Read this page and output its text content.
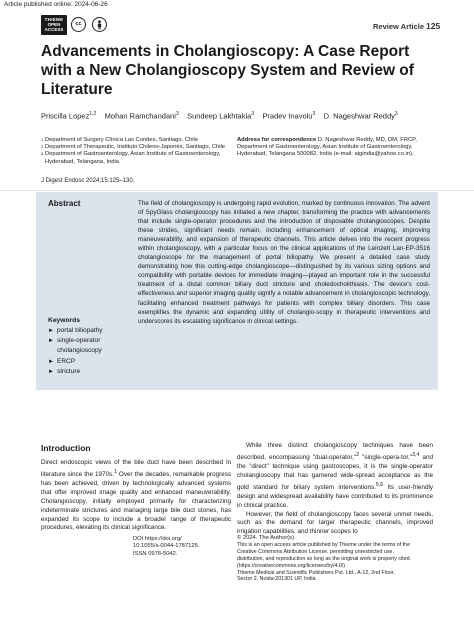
Article published online: 2024-06-26
THIEME
OPEN
ACCESS
cc	Review Article 125
Advancements in Cholangioscopy: A Case Report with a New Cholangioscopy System and Review of Literature
Priscilla Lopez$^{1,2}$ Mohan Ramchandani$^3$ Sundeep Lakhtakia$^3$ Pradev Inavolu$^3$ D. Nageshwar Reddy$^3$
1 Department of Surgery Clínica Las Condes, Santiago, Chile
2 Department of Therapeutic, Instituto Chileno-Japonés, Santiago, Chile
3 Department of Gastroenterology, Asian Institute of Gastroenterology, Hyderabad, Telangana, India
Address for correspondence D. Nageshwar Reddy, MD, DM, FRCP, Department of Gastroenterology, Asian Institute of Gastroenterology, Hyderabad, Telangana 500082, India (e-mail: aigindia@yahoo.co.in).
J Digest Endosc 2024;15:125–130.
Abstract	The field of cholangioscopy is undergoing rapid evolution, marked by continuous innovation. The advent of SpyGlass cholangioscopy has initiated a new chapter, transforming the practice with advancements that include single-operator procedures and the introduction of disposable cholangioscopes. Despite these strides, significant needs remain, including enhancement of optical imaging, improving maneuverability, and expansion of therapeutic channels. This article delves into the recent progress within cholangioscopy, with a particular focus on the clinical applications of the Leinzett Lan-EP-3516 cholangioscope for the management of portal biliopathy. We present a detailed case study demonstrating how this cutting-edge cholangioscope—distinguished by its various sizing options and compatibility with portable devices for immediate imaging—played an important role in the successful treatment of a distal common biliary duct stricture and choledocholithiasis. The device's cost-effectiveness and superior imaging quality signify a notable advancement in cholangioscopic technology, facilitating enhanced treatment pathways for patients with complex biliary disorders. This case exemplifies the dynamic and expanding utility of cholangio-scopy in therapeutic interventions and underscores its escalating significance in clinical settings.
Keywords
► portal biliopathy
► single-operator cholangioscopy
► ERCP
► stricture
Introduction

Direct endoscopic views of the bile duct have been described in literature since the 1970s.$^1$ Over the decades, remarkable progress has been achieved, driven by technologically advanced systems that offer improved image quality and enhanced maneuverability. Cholangioscopy, initially employed primarily for characterizing indeterminate strictures and managing large bile duct stones, has expanded its scope to include a broader range of therapeutic procedures, elevating its clinical significance.

While three distinct cholangioscopy techniques have been described, encompassing "dual-operator,"$^2$ "single-opera-tor,"$^{3,4}$ and the "direct" technique using gastroscopes, it is the single-operator cholangioscopy that has garnered wide-spread acceptance as the gold standard for biliary system interventions.$^{5,6}$ Its user-friendly design and widespread availability have contributed to its prominence in clinical practice.

However, the field of cholangioscopy faces several unmet needs, such as the demand for larger therapeutic channels, improved irrigation capabilities, and thinner scopes to

DOI https://doi.org/
10.1055/s-0044-1787125.
ISSN 0976-5042.
© 2024. The Author(s).
This is an open access article published by Thieme under the terms of the
Creative Commons Attribution License, permitting unrestricted use,
distribution, and reproduction so long as the original work is properly cited.
(https://creativecommons.org/licenses/by/4.0/)
Thieme Medical and Scientific Publishers Pvt. Ltd., A-12, 2nd Floor,
Sector 2, Noida-201301 UP, India
